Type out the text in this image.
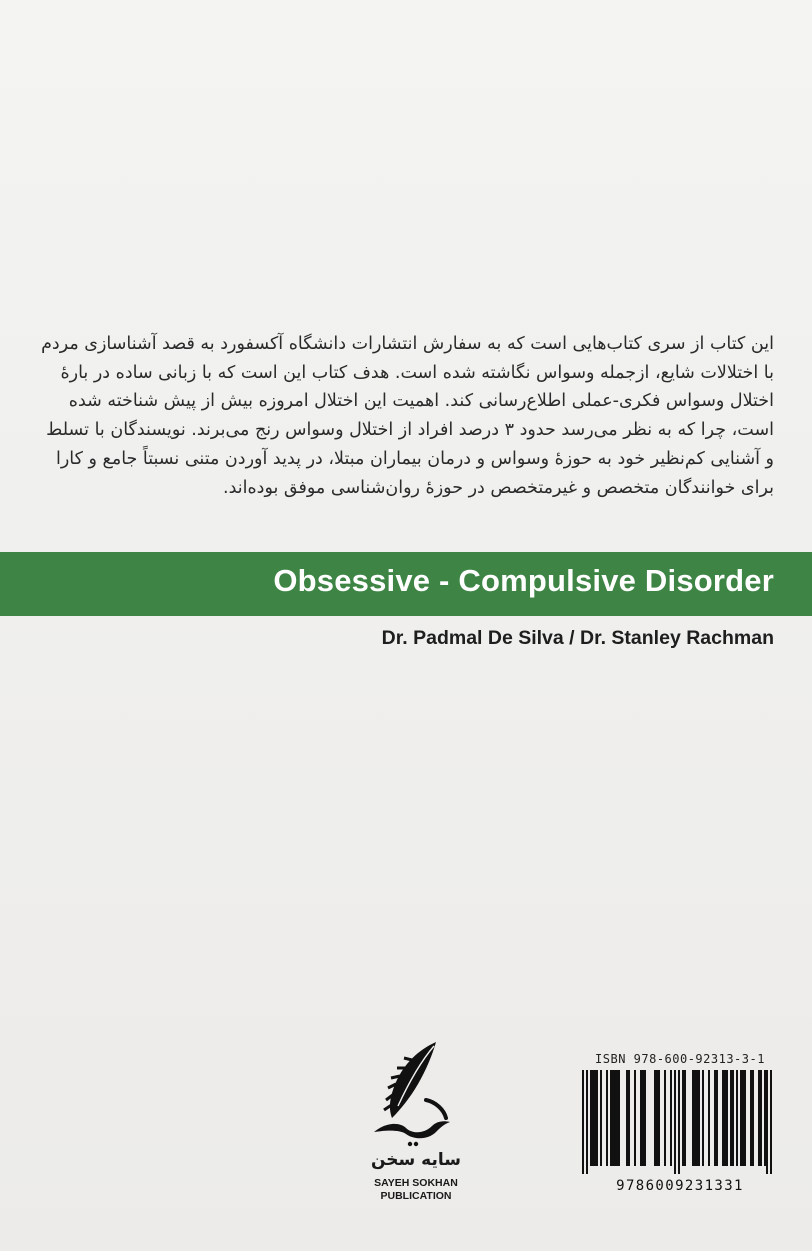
این کتاب از سری کتاب‌هایی است که به سفارش انتشارات دانشگاه آکسفورد به قصد آشناسازی مردم
با اختلالات شایع، ازجمله وسواس نگاشته شده است. هدف کتاب این است که با زبانی ساده در بارهٔ
اختلال وسواس فکری-عملی اطلاع‌رسانی کند. اهمیت این اختلال امروزه بیش از پیش شناخته شده
است، چرا که به نظر می‌رسد حدود ۳ درصد افراد از اختلال وسواس رنج می‌برند. نویسندگان با تسلط
و آشنایی کم‌نظیر خود به حوزهٔ وسواس و درمان بیماران مبتلا، در پدید آوردن متنی نسبتاً جامع و کارا
برای خوانندگان متخصص و غیرمتخصص در حوزهٔ روان‌شناسی موفق بوده‌اند.
Obsessive - Compulsive Disorder
Dr. Padmal De Silva / Dr. Stanley Rachman
سایه سخن
SAYEH SOKHAN
PUBLICATION
ISBN 978-600-92313-3-1
9786009231331
